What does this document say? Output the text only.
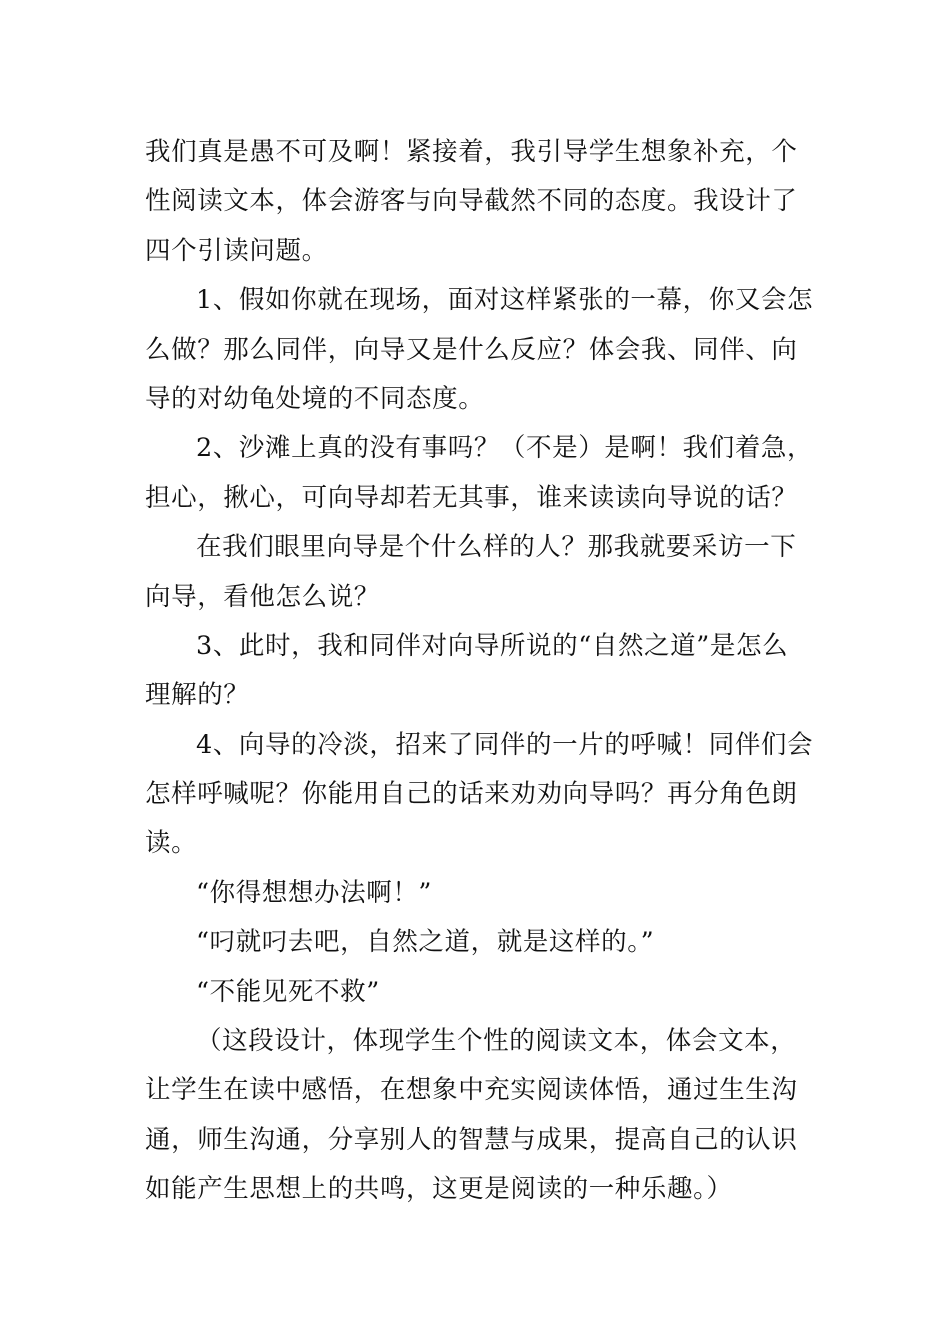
我们真是愚不可及啊！紧接着，我引导学生想象补充，个
性阅读文本，体会游客与向导截然不同的态度。我设计了
四个引读问题。
1、假如你就在现场，面对这样紧张的一幕，你又会怎
么做？那么同伴，向导又是什么反应？体会我、同伴、向
导的对幼龟处境的不同态度。
2、沙滩上真的没有事吗？（不是）是啊！我们着急，
担心，揪心，可向导却若无其事，谁来读读向导说的话？
在我们眼里向导是个什么样的人？那我就要采访一下
向导，看他怎么说？
3、此时，我和同伴对向导所说的“自然之道”是怎么
理解的？
4、向导的冷淡，招来了同伴的一片的呼喊！同伴们会
怎样呼喊呢？你能用自己的话来劝劝向导吗？再分角色朗
读。
“你得想想办法啊！”
“叼就叼去吧，自然之道，就是这样的。”
“不能见死不救”
（这段设计，体现学生个性的阅读文本，体会文本，
让学生在读中感悟，在想象中充实阅读体悟，通过生生沟
通，师生沟通，分享别人的智慧与成果，提高自己的认识
如能产生思想上的共鸣，这更是阅读的一种乐趣。）
